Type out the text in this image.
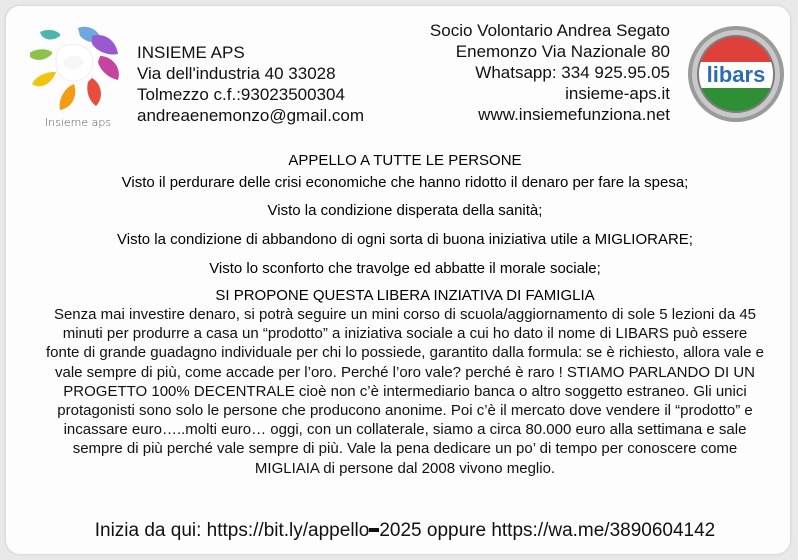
Insieme aps
INSIEME APS
Via dell'industria 40 33028
Tolmezzo c.f.:93023500304
andreaenemonzo@gmail.com
Socio Volontario Andrea Segato
Enemonzo Via Nazionale 80
Whatsapp: 334 925.95.05
insieme-aps.it
www.insiemefunziona.net
libars
APPELLO A TUTTE LE PERSONE
Visto il perdurare delle crisi economiche che hanno ridotto il denaro per fare la spesa;
Visto la condizione disperata della sanità;
Visto la condizione di abbandono di ogni sorta di buona iniziativa utile a MIGLIORARE;
Visto lo sconforto che travolge ed abbatte il morale sociale;
SI PROPONE QUESTA LIBERA INZIATIVA DI FAMIGLIA
Senza mai investire denaro, si potrà seguire un mini corso di scuola/aggiornamento di sole 5 lezioni da 45 minuti per produrre a casa un “prodotto” a iniziativa sociale a cui ho dato il nome di LIBARS può essere fonte di grande guadagno individuale per chi lo possiede, garantito dalla formula: se è richiesto, allora vale e vale sempre di più, come accade per l’oro. Perché l’oro vale? perché è raro ! STIAMO PARLANDO DI UN PROGETTO 100% DECENTRALE cioè non c’è intermediario banca o altro soggetto estraneo. Gli unici protagonisti sono solo le persone che producono anonime. Poi c’è il mercato dove vendere il “prodotto” e incassare euro…..molti euro… oggi, con un collaterale, siamo a circa 80.000 euro alla settimana e sale sempre di più perché vale sempre di più. Vale la pena dedicare un po’ di tempo per conoscere come MIGLIAIA di persone dal 2008 vivono meglio.
Inizia da qui: https://bit.ly/appello 2025 oppure https://wa.me/3890604142
